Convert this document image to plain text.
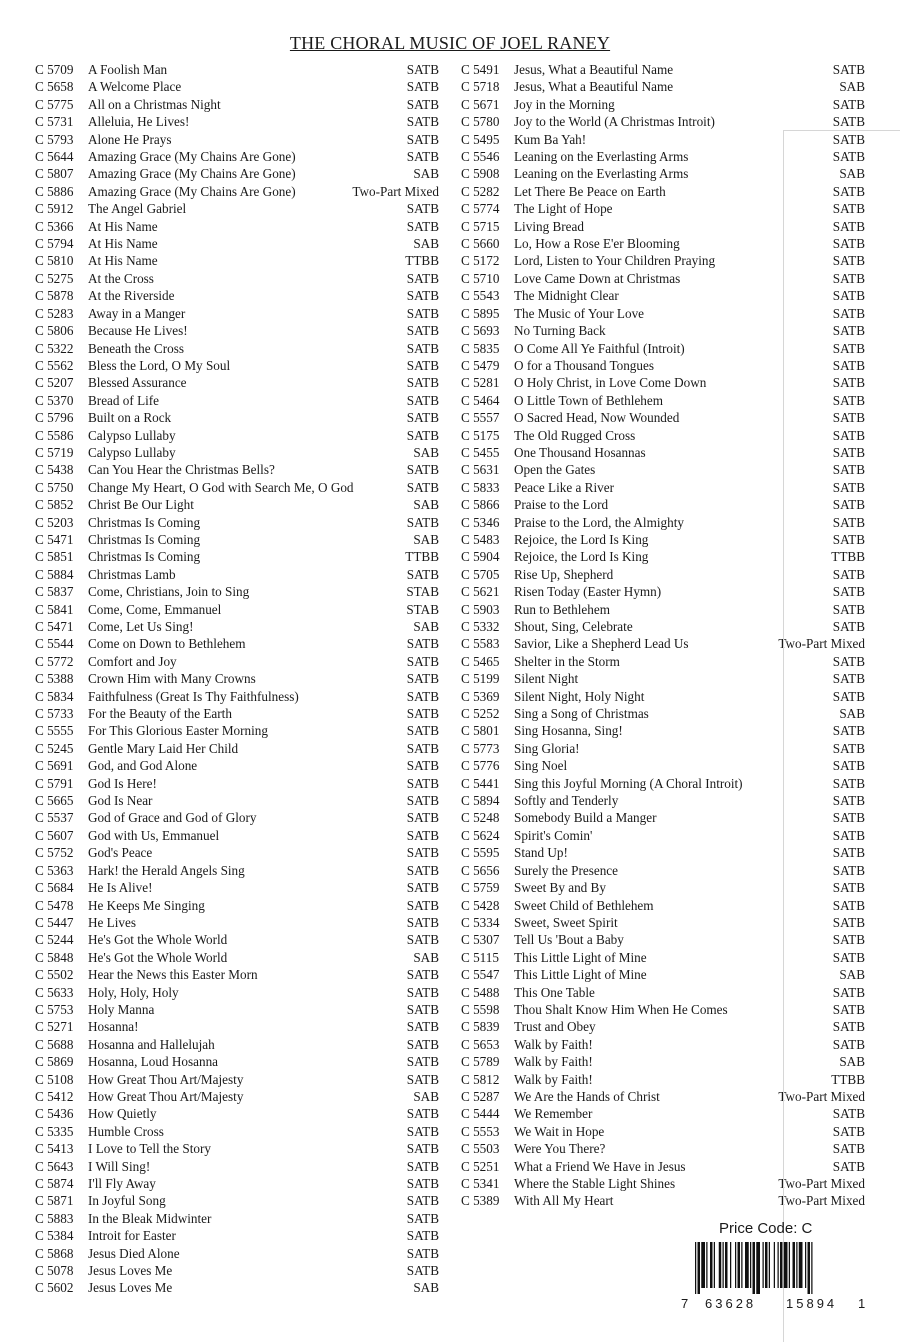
THE CHORAL MUSIC OF JOEL RANEY
C 5709 A Foolish Man	SATB
C 5658 A Welcome Place	SATB
C 5775 All on a Christmas Night	SATB
C 5731 Alleluia, He Lives!	SATB
C 5793 Alone He Prays	SATB
C 5644 Amazing Grace (My Chains Are Gone)	SATB
C 5807 Amazing Grace (My Chains Are Gone)	SAB
C 5886 Amazing Grace (My Chains Are Gone)	Two-Part Mixed
C 5912 The Angel Gabriel	SATB
C 5366 At His Name	SATB
C 5794 At His Name	SAB
C 5810 At His Name	TTBB
C 5275 At the Cross	SATB
C 5878 At the Riverside	SATB
C 5283 Away in a Manger	SATB
C 5806 Because He Lives!	SATB
C 5322 Beneath the Cross	SATB
C 5562 Bless the Lord, O My Soul	SATB
C 5207 Blessed Assurance	SATB
C 5370 Bread of Life	SATB
C 5796 Built on a Rock	SATB
C 5586 Calypso Lullaby	SATB
C 5719 Calypso Lullaby	SAB
C 5438 Can You Hear the Christmas Bells?	SATB
C 5750 Change My Heart, O God with Search Me, O God	SATB
C 5852 Christ Be Our Light	SAB
C 5203 Christmas Is Coming	SATB
C 5471 Christmas Is Coming	SAB
C 5851 Christmas Is Coming	TTBB
C 5884 Christmas Lamb	SATB
C 5837 Come, Christians, Join to Sing	STAB
C 5841 Come, Come, Emmanuel	STAB
C 5471 Come, Let Us Sing!	SAB
C 5544 Come on Down to Bethlehem	SATB
C 5772 Comfort and Joy	SATB
C 5388 Crown Him with Many Crowns	SATB
C 5834 Faithfulness (Great Is Thy Faithfulness)	SATB
C 5733 For the Beauty of the Earth	SATB
C 5555 For This Glorious Easter Morning	SATB
C 5245 Gentle Mary Laid Her Child	SATB
C 5691 God, and God Alone	SATB
C 5791 God Is Here!	SATB
C 5665 God Is Near	SATB
C 5537 God of Grace and God of Glory	SATB
C 5607 God with Us, Emmanuel	SATB
C 5752 God's Peace	SATB
C 5363 Hark! the Herald Angels Sing	SATB
C 5684 He Is Alive!	SATB
C 5478 He Keeps Me Singing	SATB
C 5447 He Lives	SATB
C 5244 He's Got the Whole World	SATB
C 5848 He's Got the Whole World	SAB
C 5502 Hear the News this Easter Morn	SATB
C 5633 Holy, Holy, Holy	SATB
C 5753 Holy Manna	SATB
C 5271 Hosanna!	SATB
C 5688 Hosanna and Hallelujah	SATB
C 5869 Hosanna, Loud Hosanna	SATB
C 5108 How Great Thou Art/Majesty	SATB
C 5412 How Great Thou Art/Majesty	SAB
C 5436 How Quietly	SATB
C 5335 Humble Cross	SATB
C 5413 I Love to Tell the Story	SATB
C 5643 I Will Sing!	SATB
C 5874 I'll Fly Away	SATB
C 5871 In Joyful Song	SATB
C 5883 In the Bleak Midwinter	SATB
C 5384 Introit for Easter	SATB
C 5868 Jesus Died Alone	SATB
C 5078 Jesus Loves Me	SATB
C 5602 Jesus Loves Me	SAB
C 5491 Jesus, What a Beautiful Name	SATB
C 5718 Jesus, What a Beautiful Name	SAB
C 5671 Joy in the Morning	SATB
C 5780 Joy to the World (A Christmas Introit)	SATB
C 5495 Kum Ba Yah!	SATB
C 5546 Leaning on the Everlasting Arms	SATB
C 5908 Leaning on the Everlasting Arms	SAB
C 5282 Let There Be Peace on Earth	SATB
C 5774 The Light of Hope	SATB
C 5715 Living Bread	SATB
C 5660 Lo, How a Rose E'er Blooming	SATB
C 5172 Lord, Listen to Your Children Praying	SATB
C 5710 Love Came Down at Christmas	SATB
C 5543 The Midnight Clear	SATB
C 5895 The Music of Your Love	SATB
C 5693 No Turning Back	SATB
C 5835 O Come All Ye Faithful (Introit)	SATB
C 5479 O for a Thousand Tongues	SATB
C 5281 O Holy Christ, in Love Come Down	SATB
C 5464 O Little Town of Bethlehem	SATB
C 5557 O Sacred Head, Now Wounded	SATB
C 5175 The Old Rugged Cross	SATB
C 5455 One Thousand Hosannas	SATB
C 5631 Open the Gates	SATB
C 5833 Peace Like a River	SATB
C 5866 Praise to the Lord	SATB
C 5346 Praise to the Lord, the Almighty	SATB
C 5483 Rejoice, the Lord Is King	SATB
C 5904 Rejoice, the Lord Is King	TTBB
C 5705 Rise Up, Shepherd	SATB
C 5621 Risen Today (Easter Hymn)	SATB
C 5903 Run to Bethlehem	SATB
C 5332 Shout, Sing, Celebrate	SATB
C 5583 Savior, Like a Shepherd Lead Us	Two-Part Mixed
C 5465 Shelter in the Storm	SATB
C 5199 Silent Night	SATB
C 5369 Silent Night, Holy Night	SATB
C 5252 Sing a Song of Christmas	SAB
C 5801 Sing Hosanna, Sing!	SATB
C 5773 Sing Gloria!	SATB
C 5776 Sing Noel	SATB
C 5441 Sing this Joyful Morning (A Choral Introit)	SATB
C 5894 Softly and Tenderly	SATB
C 5248 Somebody Build a Manger	SATB
C 5624 Spirit's Comin'	SATB
C 5595 Stand Up!	SATB
C 5656 Surely the Presence	SATB
C 5759 Sweet By and By	SATB
C 5428 Sweet Child of Bethlehem	SATB
C 5334 Sweet, Sweet Spirit	SATB
C 5307 Tell Us 'Bout a Baby	SATB
C 5115 This Little Light of Mine	SATB
C 5547 This Little Light of Mine	SAB
C 5488 This One Table	SATB
C 5598 Thou Shalt Know Him When He Comes	SATB
C 5839 Trust and Obey	SATB
C 5653 Walk by Faith!	SATB
C 5789 Walk by Faith!	SAB
C 5812 Walk by Faith!	TTBB
C 5287 We Are the Hands of Christ	Two-Part Mixed
C 5444 We Remember	SATB
C 5553 We Wait in Hope	SATB
C 5503 Were You There?	SATB
C 5251 What a Friend We Have in Jesus	SATB
C 5341 Where the Stable Light Shines	Two-Part Mixed
C 5389 With All My Heart	Two-Part Mixed
Price Code: C
7 63628 15894 1
